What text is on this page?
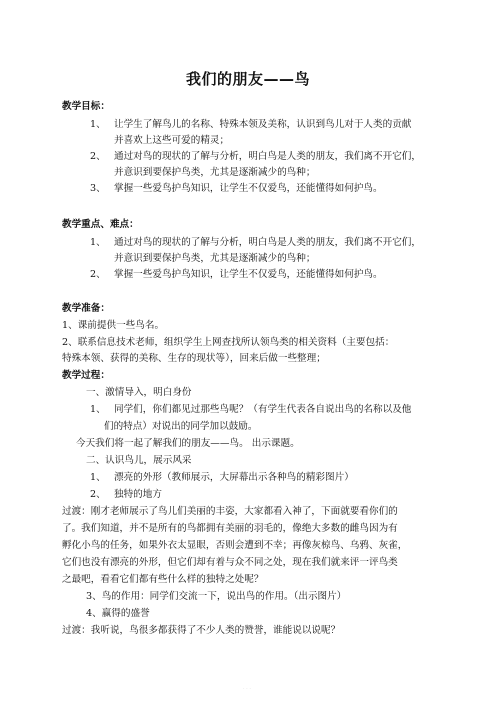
我们的朋友——鸟
教学目标：
1、 让学生了解鸟儿的名称、特殊本领及美称，认识到鸟儿对于人类的贡献
并喜欢上这些可爱的精灵；
2、 通过对鸟的现状的了解与分析，明白鸟是人类的朋友，我们离不开它们，
并意识到要保护鸟类，尤其是逐渐减少的鸟种；
3、 掌握一些爱鸟护鸟知识，让学生不仅爱鸟，还能懂得如何护鸟。
教学重点、难点：
1、 通过对鸟的现状的了解与分析，明白鸟是人类的朋友，我们离不开它们，
并意识到要保护鸟类，尤其是逐渐减少的鸟种；
2、 掌握一些爱鸟护鸟知识，让学生不仅爱鸟，还能懂得如何护鸟。
教学准备：
1、课前提供一些鸟名。
2、联系信息技术老师，组织学生上网查找所认领鸟类的相关资料（主要包括：
特殊本领、获得的美称、生存的现状等），回来后做一些整理；
教学过程：
一、激情导入，明白身份
1、 同学们，你们都见过那些鸟呢？（有学生代表各自说出鸟的名称以及他
们的特点）对说出的同学加以鼓励。
今天我们将一起了解我们的朋友——鸟。 出示课题。
二、认识鸟儿，展示风采
1、 漂亮的外形（教师展示，大屏幕出示各种鸟的精彩图片）
2、 独特的地方
过渡：刚才老师展示了鸟儿们美丽的丰姿，大家都看入神了，下面就要看你们的
了。我们知道，并不是所有的鸟都拥有美丽的羽毛的，像绝大多数的雌鸟因为有
孵化小鸟的任务，如果外衣太显眼，否则会遭到不幸；再像灰椋鸟、乌鸦、灰雀，
它们也没有漂亮的外形，但它们却有着与众不同之处，现在我们就来评一评鸟类
之最吧，看看它们都有些什么样的独特之处呢？
3、鸟的作用：同学们交流一下，说出鸟的作用。（出示图片）
4、赢得的盛誉
过渡：我听说，鸟很多都获得了不少人类的赞誉，谁能说以说呢？
· · ·
